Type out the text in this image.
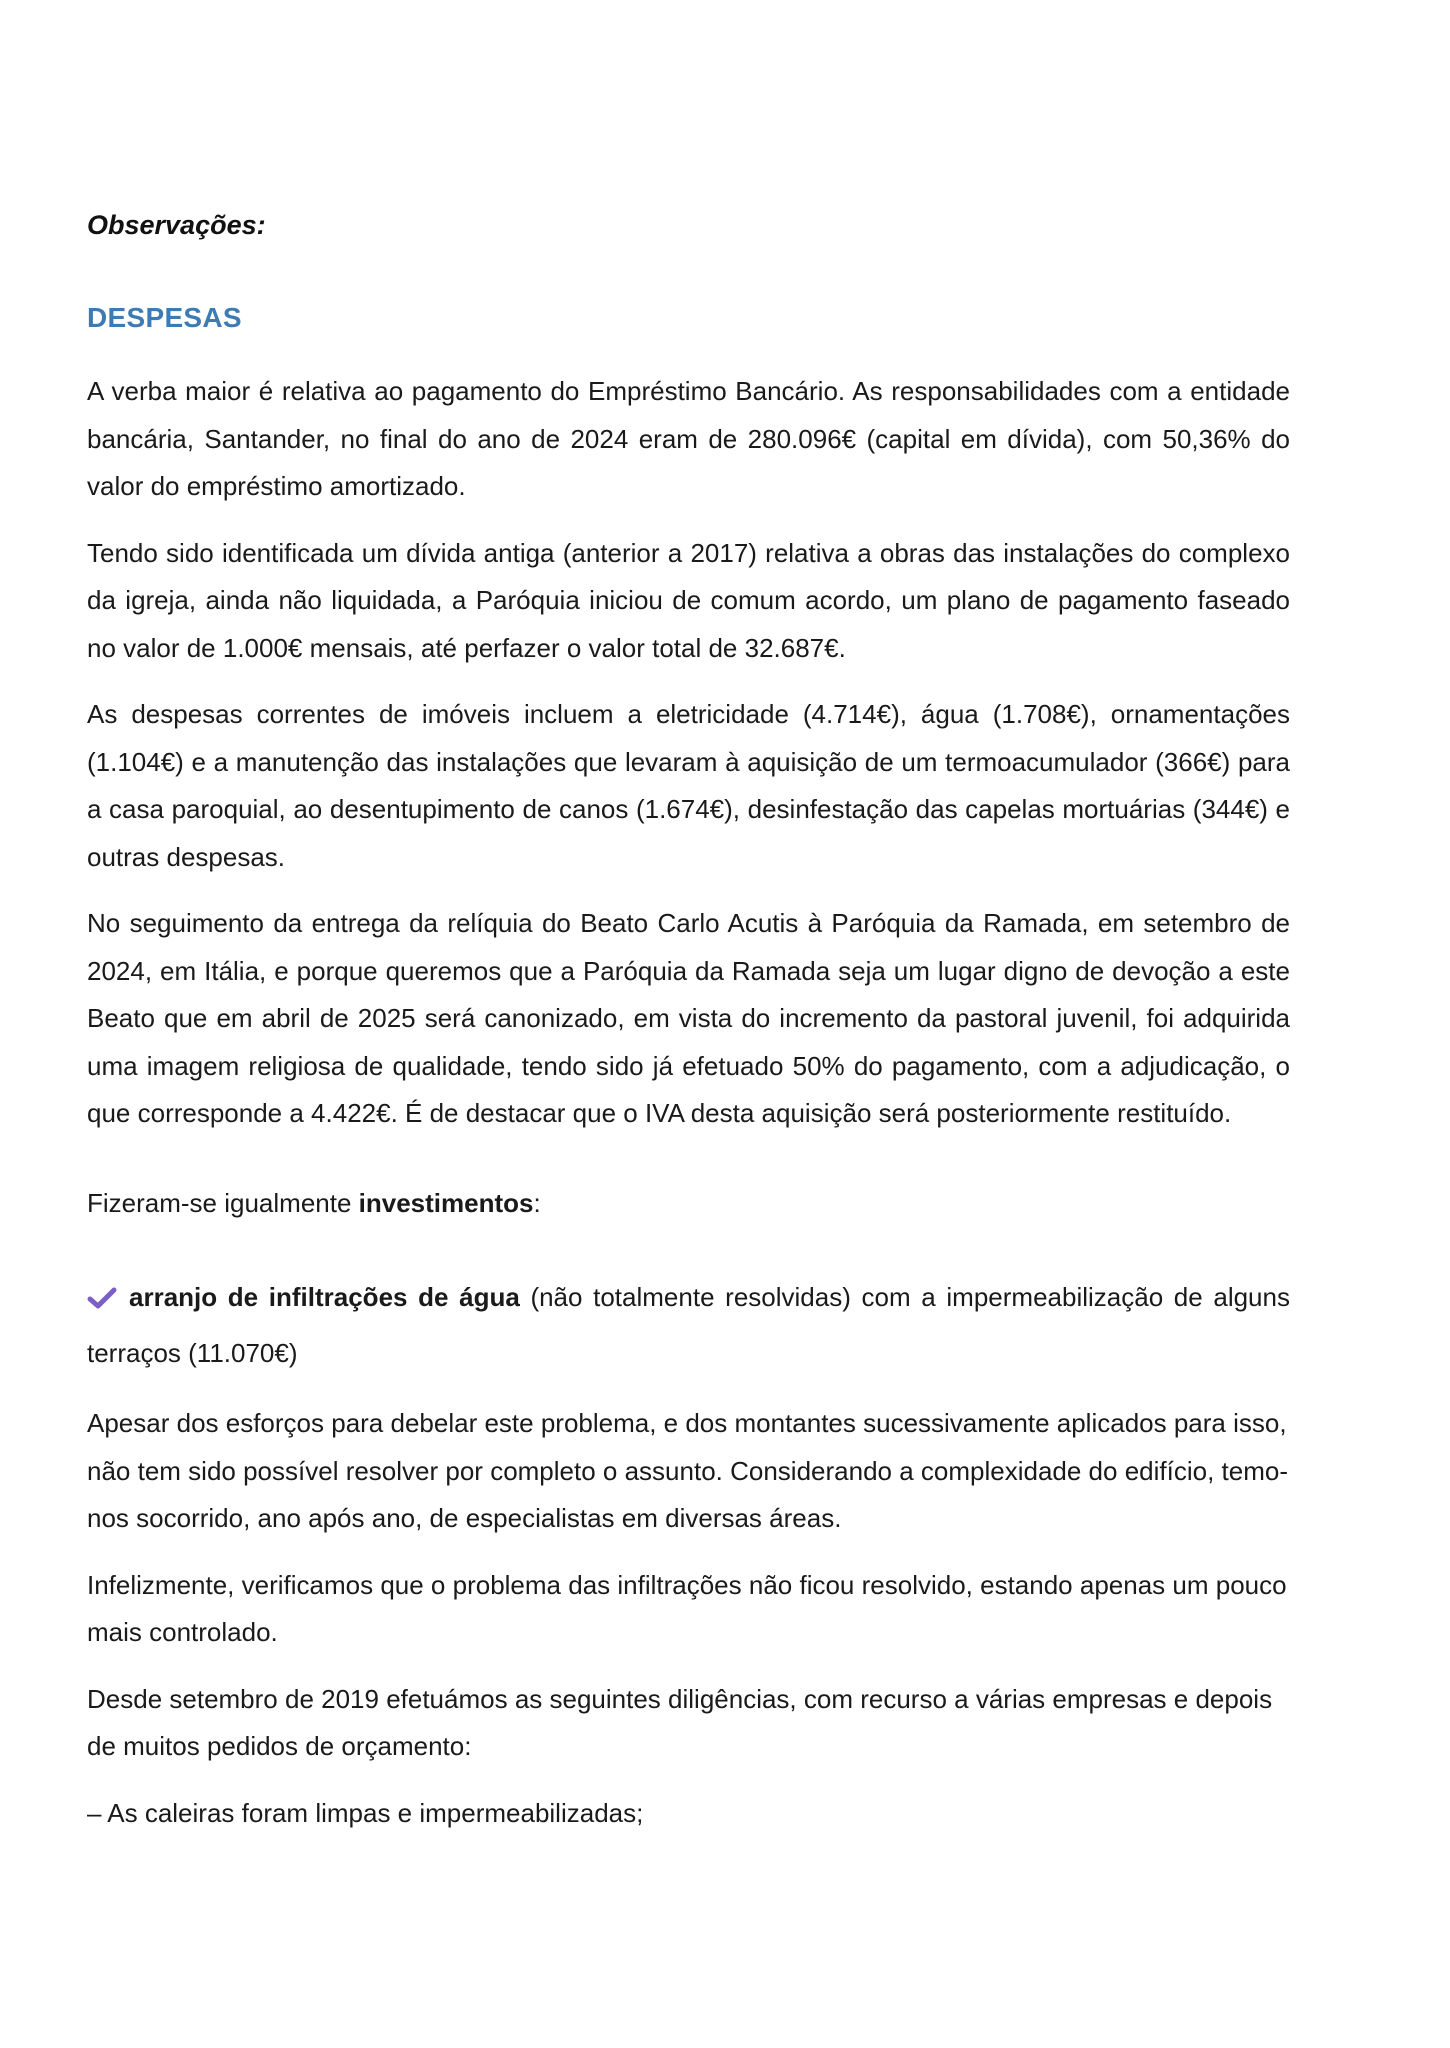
Observações:
DESPESAS

A verba maior é relativa ao pagamento do Empréstimo Bancário. As responsabilidades com a entidade bancária, Santander, no final do ano de 2024 eram de 280.096€ (capital em dívida), com 50,36% do valor do empréstimo amortizado.

Tendo sido identificada um dívida antiga (anterior a 2017) relativa a obras das instalações do complexo da igreja, ainda não liquidada, a Paróquia iniciou de comum acordo, um plano de pagamento faseado no valor de 1.000€ mensais, até perfazer o valor total de 32.687€.

As despesas correntes de imóveis incluem a eletricidade (4.714€), água (1.708€), ornamentações (1.104€) e a manutenção das instalações que levaram à aquisição de um termoacumulador (366€) para a casa paroquial, ao desentupimento de canos (1.674€), desinfestação das capelas mortuárias (344€) e outras despesas.

No seguimento da entrega da relíquia do Beato Carlo Acutis à Paróquia da Ramada, em setembro de 2024, em Itália, e porque queremos que a Paróquia da Ramada seja um lugar digno de devoção a este Beato que em abril de 2025 será canonizado, em vista do incremento da pastoral juvenil, foi adquirida uma imagem religiosa de qualidade, tendo sido já efetuado 50% do pagamento, com a adjudicação, o que corresponde a 4.422€. É de destacar que o IVA desta aquisição será posteriormente restituído.

Fizeram-se igualmente investimentos:

arranjo de infiltrações de água (não totalmente resolvidas) com a impermeabilização de alguns terraços (11.070€)

Apesar dos esforços para debelar este problema, e dos montantes sucessivamente aplicados para isso, não tem sido possível resolver por completo o assunto. Considerando a complexidade do edifício, temo-nos socorrido, ano após ano, de especialistas em diversas áreas.

Infelizmente, verificamos que o problema das infiltrações não ficou resolvido, estando apenas um pouco mais controlado.

Desde setembro de 2019 efetuámos as seguintes diligências, com recurso a várias empresas e depois de muitos pedidos de orçamento:

– As caleiras foram limpas e impermeabilizadas;
